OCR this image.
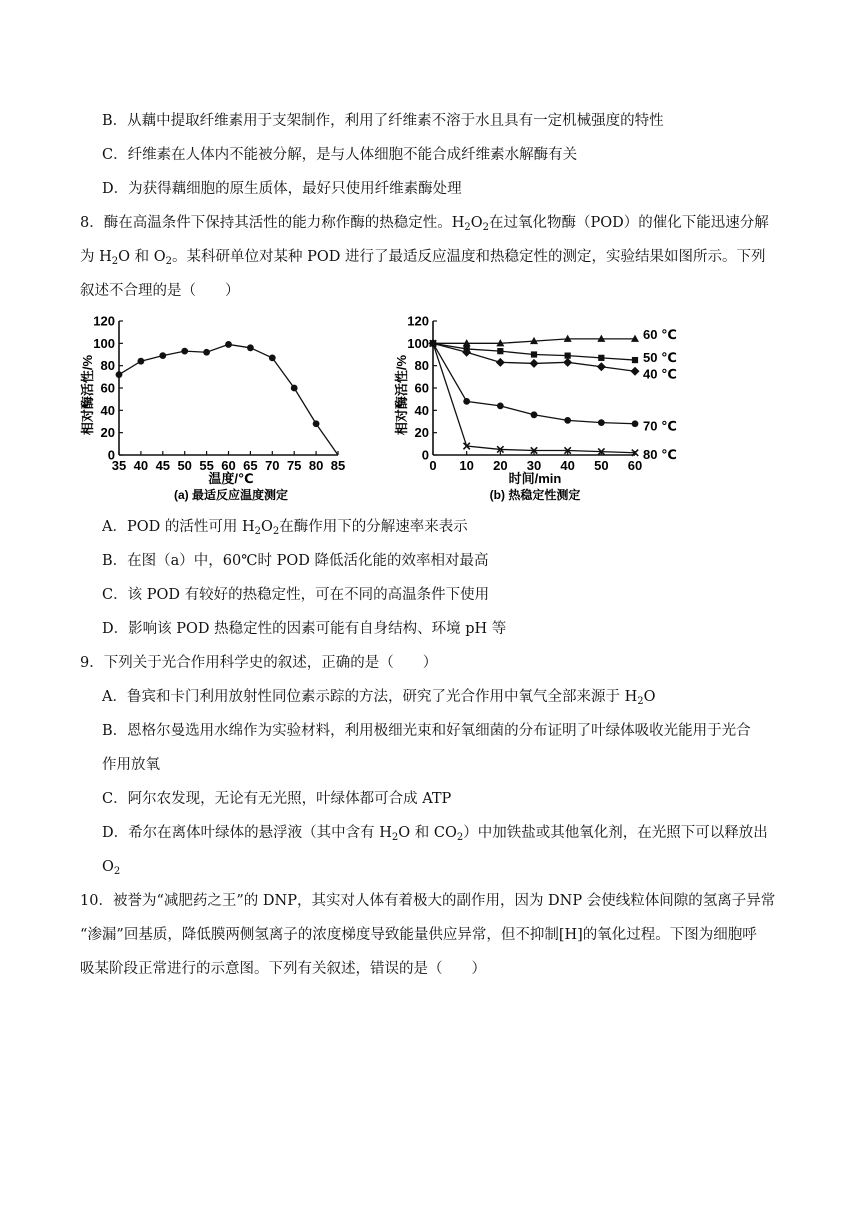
B．从藕中提取纤维素用于支架制作，利用了纤维素不溶于水且具有一定机械强度的特性
C．纤维素在人体内不能被分解，是与人体细胞不能合成纤维素水解酶有关
D．为获得藕细胞的原生质体，最好只使用纤维素酶处理
8．酶在高温条件下保持其活性的能力称作酶的热稳定性。$H_2O_2$在过氧化物酶（POD）的催化下能迅速分解
为 $H_2O$ 和 $O_2$。某科研单位对某种 POD 进行了最适反应温度和热稳定性的测定，实验结果如图所示。下列
叙述不合理的是（　　）
0
20
40
60
80
100
120
35 40 45 50 55 60 65 70 75 80 85
相对酶活性/%
温度/℃
(a) 最适反应温度测定
0
20
40
60
80
100
120
0 10 20 30 40 50 60
60 ℃
50 ℃
40 ℃
70 ℃
80 ℃
相对酶活性/%
时间/min
(b) 热稳定性测定
A．POD 的活性可用 $H_2O_2$在酶作用下的分解速率来表示
B．在图（a）中，60℃时 POD 降低活化能的效率相对最高
C．该 POD 有较好的热稳定性，可在不同的高温条件下使用
D．影响该 POD 热稳定性的因素可能有自身结构、环境 pH 等
9．下列关于光合作用科学史的叙述，正确的是（　　）
A．鲁宾和卡门利用放射性同位素示踪的方法，研究了光合作用中氧气全部来源于 $H_2O$
B．恩格尔曼选用水绵作为实验材料，利用极细光束和好氧细菌的分布证明了叶绿体吸收光能用于光合
作用放氧
C．阿尔农发现，无论有无光照，叶绿体都可合成 ATP
D．希尔在离体叶绿体的悬浮液（其中含有 $H_2O$ 和 $CO_2$）中加铁盐或其他氧化剂，在光照下可以释放出
$O_2$
10．被誉为“减肥药之王”的 DNP，其实对人体有着极大的副作用，因为 DNP 会使线粒体间隙的氢离子异常
“渗漏”回基质，降低膜两侧氢离子的浓度梯度导致能量供应异常，但不抑制[H]的氧化过程。下图为细胞呼
吸某阶段正常进行的示意图。下列有关叙述，错误的是（　　）
